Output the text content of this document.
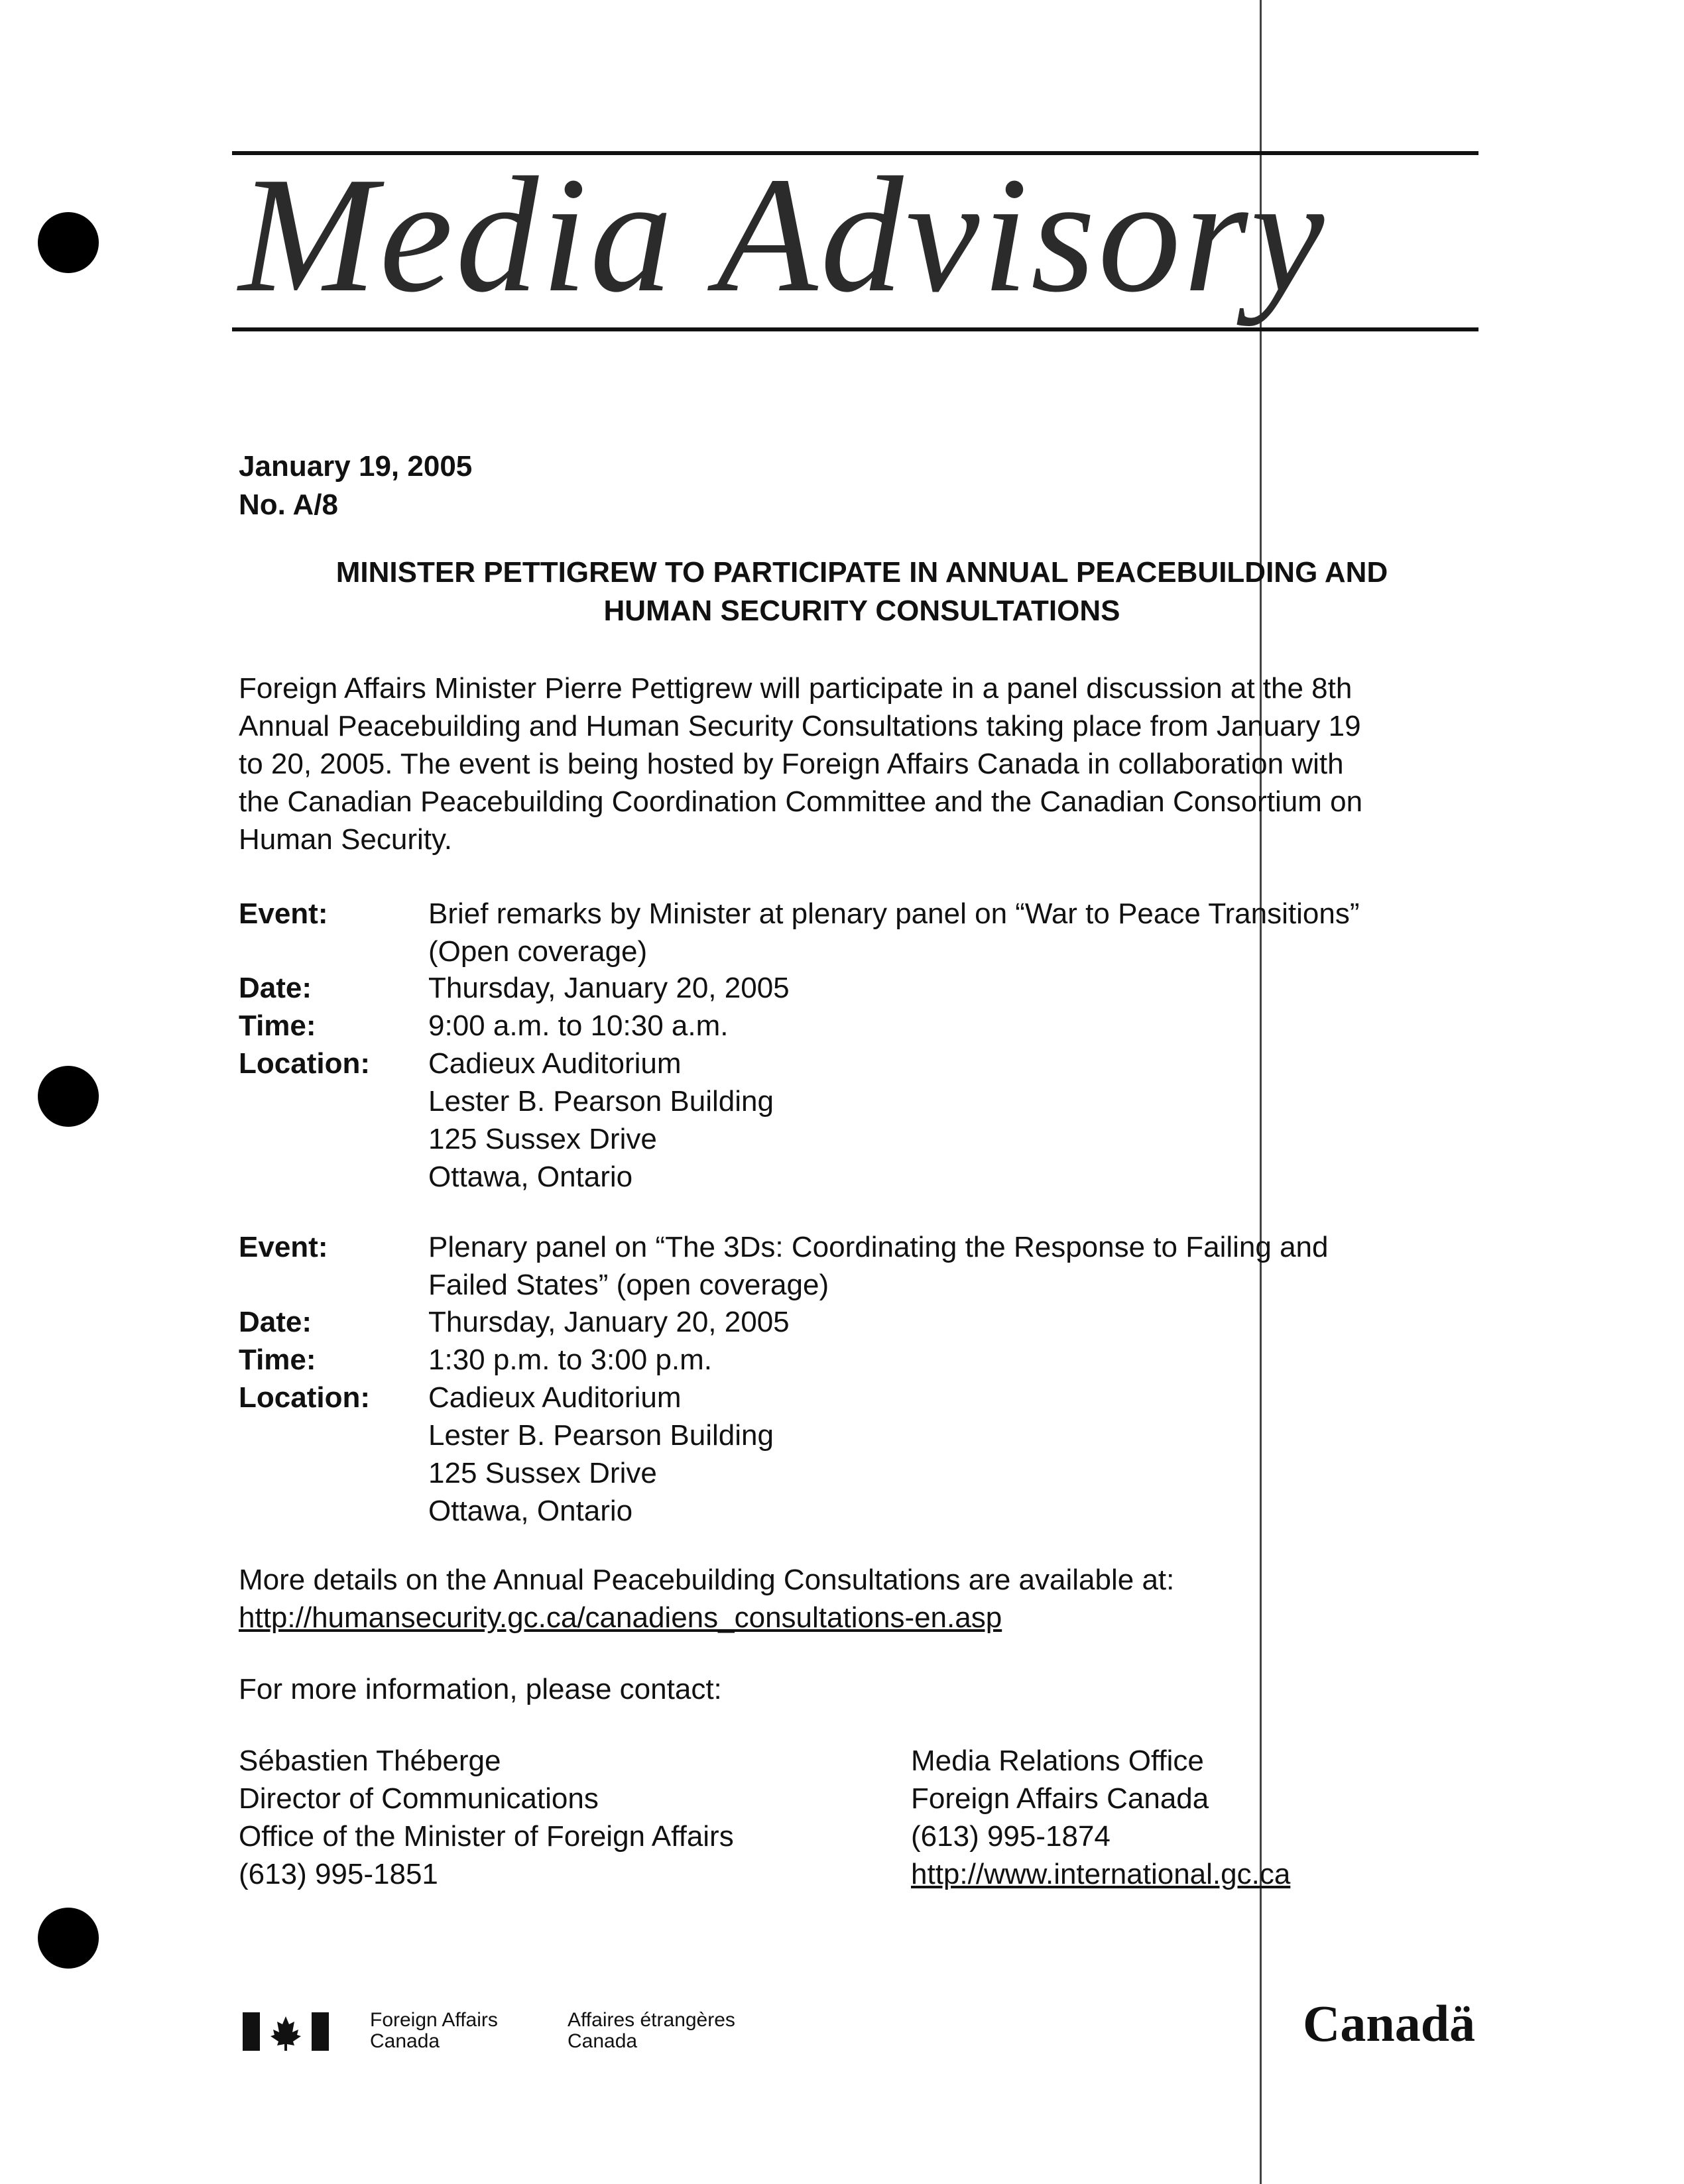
Media Advisory
January 19, 2005
No. A/8
MINISTER PETTIGREW TO PARTICIPATE IN ANNUAL PEACEBUILDING AND
HUMAN SECURITY CONSULTATIONS
Foreign Affairs Minister Pierre Pettigrew will participate in a panel discussion at the 8th
Annual Peacebuilding and Human Security Consultations taking place from January 19
to 20, 2005. The event is being hosted by Foreign Affairs Canada in collaboration with
the Canadian Peacebuilding Coordination Committee and the Canadian Consortium on
Human Security.
Event:	Brief remarks by Minister at plenary panel on “War to Peace Transitions”
(Open coverage)
Date:	Thursday, January 20, 2005
Time:	9:00 a.m. to 10:30 a.m.
Location: Cadieux Auditorium
Lester B. Pearson Building
125 Sussex Drive
Ottawa, Ontario
Event:	Plenary panel on “The 3Ds: Coordinating the Response to Failing and
Failed States” (open coverage)
Date:	Thursday, January 20, 2005
Time:	1:30 p.m. to 3:00 p.m.
Location: Cadieux Auditorium
Lester B. Pearson Building
125 Sussex Drive
Ottawa, Ontario
More details on the Annual Peacebuilding Consultations are available at:
http://humansecurity.gc.ca/canadiens_consultations-en.asp
For more information, please contact:
Sébastien Théberge
Director of Communications
Office of the Minister of Foreign Affairs
(613) 995-1851
Media Relations Office
Foreign Affairs Canada
(613) 995-1874
http://www.international.gc.ca
Foreign Affairs
Canada
Affaires étrangères
Canada	Canadä
